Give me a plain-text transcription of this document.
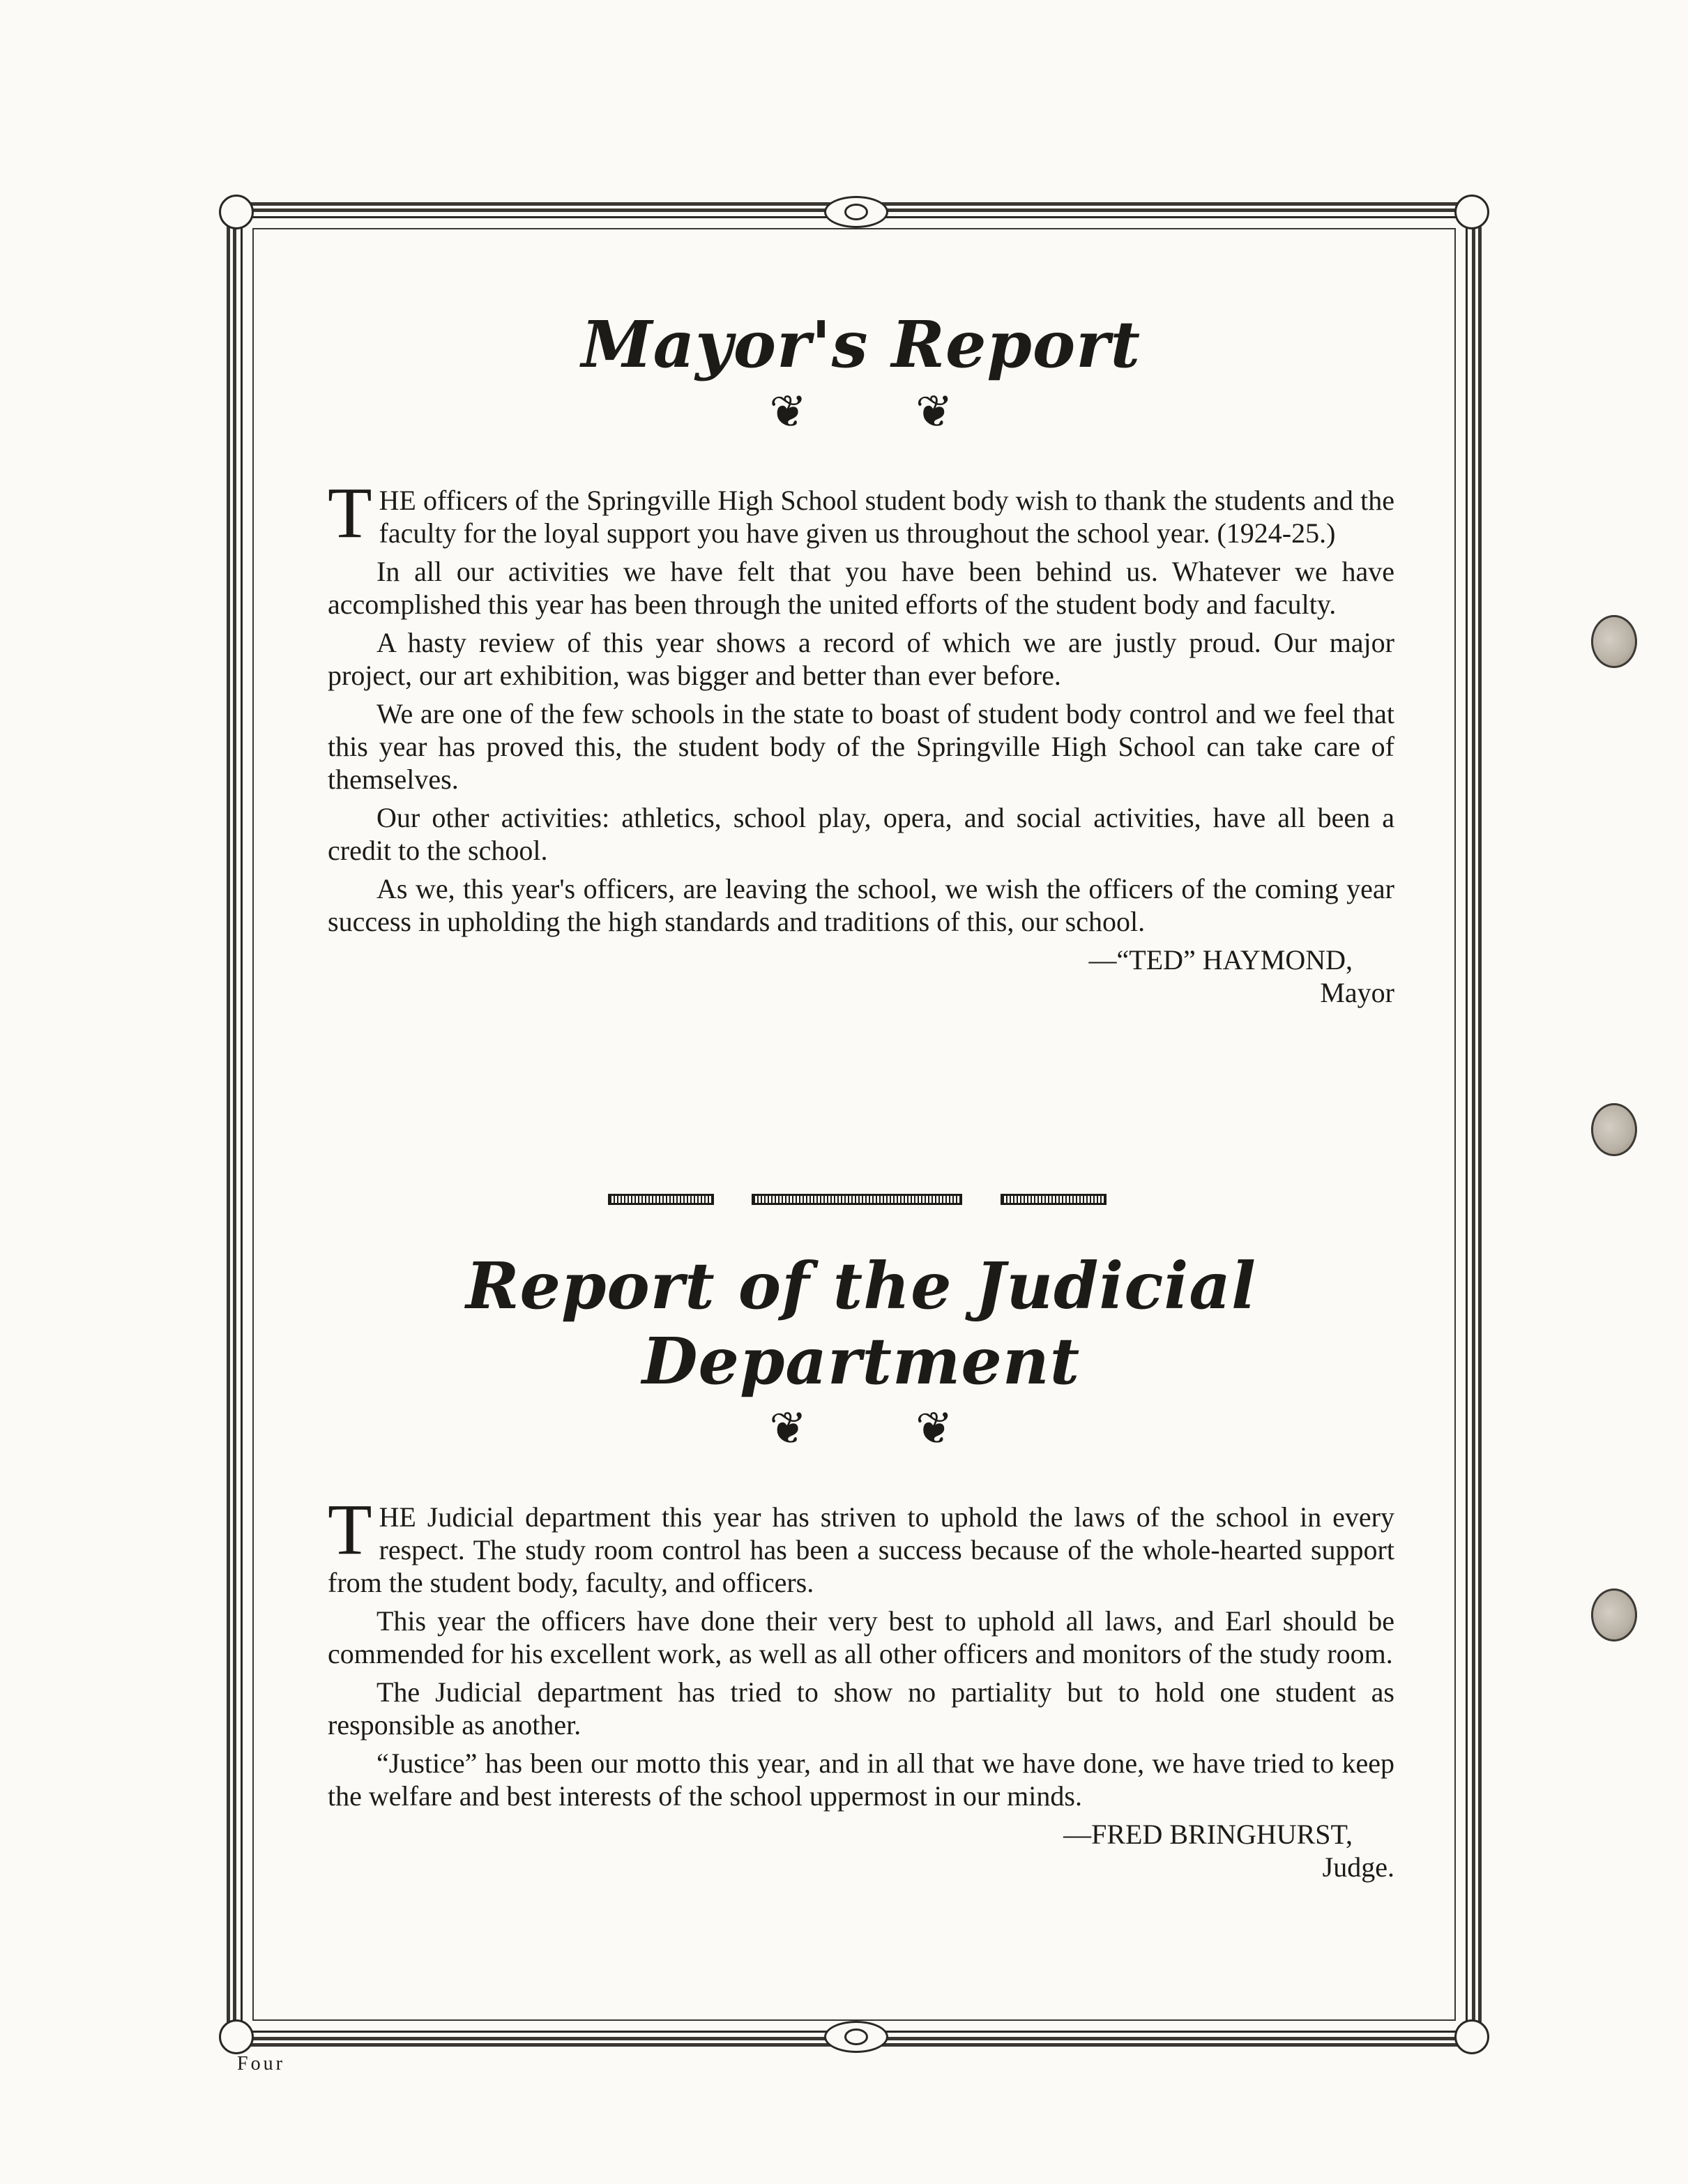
Mayor's Report
❦ ❦

THE officers of the Springville High School student body wish to thank the students and the faculty for the loyal support you have given us throughout the school year. (1924-25.)

In all our activities we have felt that you have been behind us. Whatever we have accomplished this year has been through the united efforts of the student body and faculty.

A hasty review of this year shows a record of which we are justly proud. Our major project, our art exhibition, was bigger and better than ever before.

We are one of the few schools in the state to boast of student body control and we feel that this year has proved this, the student body of the Springville High School can take care of themselves.

Our other activities: athletics, school play, opera, and social activities, have all been a credit to the school.

As we, this year's officers, are leaving the school, we wish the officers of the coming year success in upholding the high standards and traditions of this, our school.

—“TED” HAYMOND,
Mayor
Report of the Judicial Department
❦ ❦

THE Judicial department this year has striven to uphold the laws of the school in every respect. The study room control has been a success because of the whole-hearted support from the student body, faculty, and officers.

This year the officers have done their very best to uphold all laws, and Earl should be commended for his excellent work, as well as all other officers and monitors of the study room.

The Judicial department has tried to show no partiality but to hold one student as responsible as another.

“Justice” has been our motto this year, and in all that we have done, we have tried to keep the welfare and best interests of the school uppermost in our minds.

—FRED BRINGHURST,
Judge.
Four
